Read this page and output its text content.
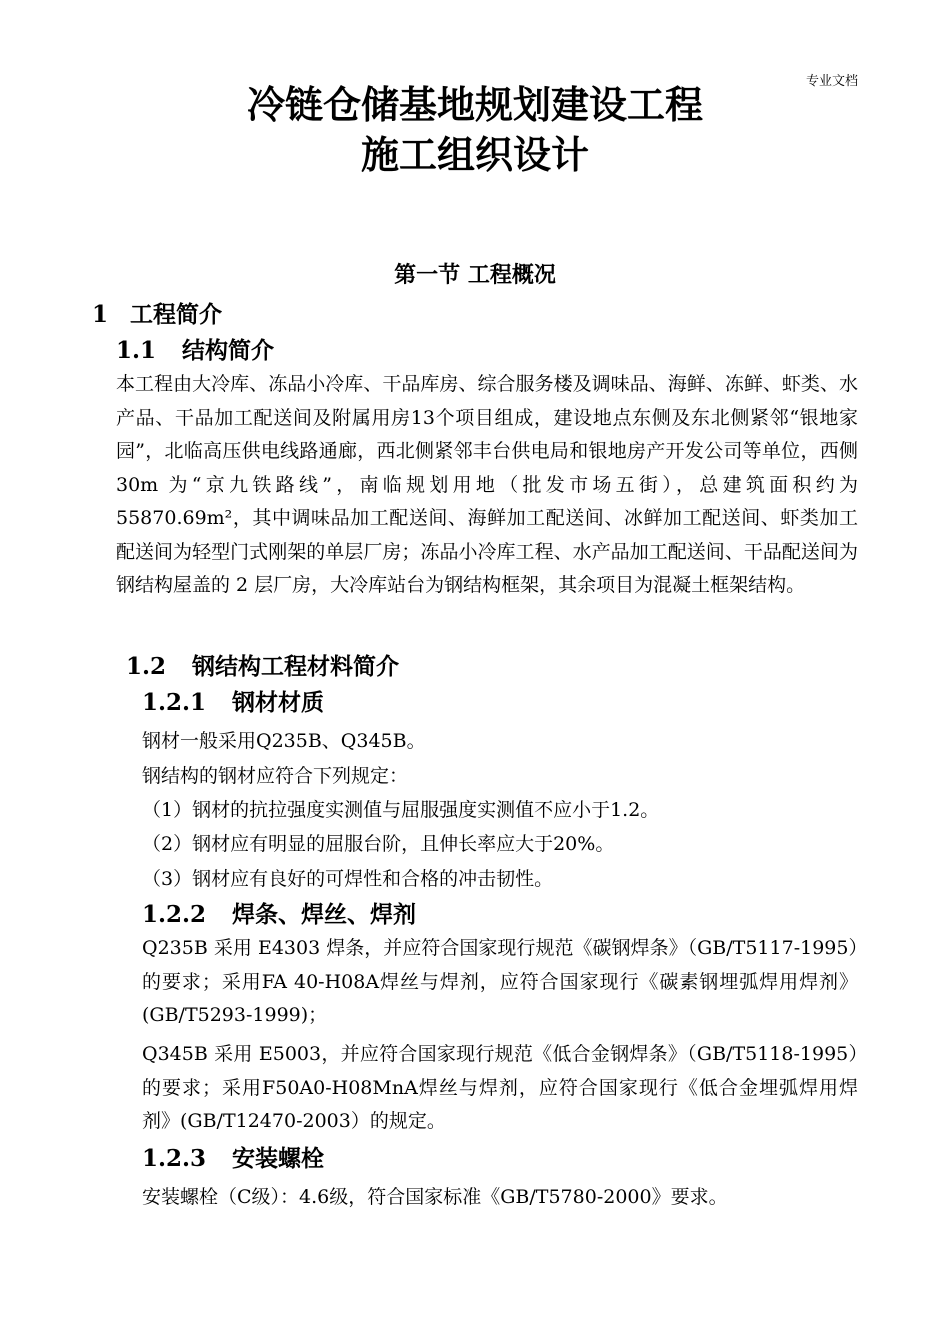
专业文档
冷链仓储基地规划建设工程
施工组织设计
第一节 工程概况
1 工程简介
1.1 结构简介
本工程由大冷库、冻品小冷库、干品库房、综合服务楼及调味品、海鲜、冻鲜、虾类、水产品、干品加工配送间及附属用房13个项目组成，建设地点东侧及东北侧紧邻“银地家园”，北临高压供电线路通廊，西北侧紧邻丰台供电局和银地房产开发公司等单位，西侧 30m 为“京九铁路线”，南临规划用地（批发市场五街），总建筑面积约为55870.69m²，其中调味品加工配送间、海鲜加工配送间、冰鲜加工配送间、虾类加工配送间为轻型门式刚架的单层厂房；冻品小冷库工程、水产品加工配送间、干品配送间为钢结构屋盖的 2 层厂房，大冷库站台为钢结构框架，其余项目为混凝土框架结构。
1.2 钢结构工程材料简介
1.2.1 钢材材质
钢材一般采用Q235B、Q345B。
钢结构的钢材应符合下列规定：
（1）钢材的抗拉强度实测值与屈服强度实测值不应小于1.2。
（2）钢材应有明显的屈服台阶，且伸长率应大于20%。
（3）钢材应有良好的可焊性和合格的冲击韧性。
1.2.2 焊条、焊丝、焊剂
Q235B 采用 E4303 焊条，并应符合国家现行规范《碳钢焊条》（GB/T5117-1995）的要求；采用FA 40-H08A焊丝与焊剂，应符合国家现行《碳素钢埋弧焊用焊剂》(GB/T5293-1999)；
Q345B 采用 E5003，并应符合国家现行规范《低合金钢焊条》（GB/T5118-1995）的要求；采用F50A0-H08MnA焊丝与焊剂，应符合国家现行《低合金埋弧焊用焊剂》(GB/T12470-2003）的规定。
1.2.3 安装螺栓
安装螺栓（C级）：4.6级，符合国家标准《GB/T5780-2000》要求。
